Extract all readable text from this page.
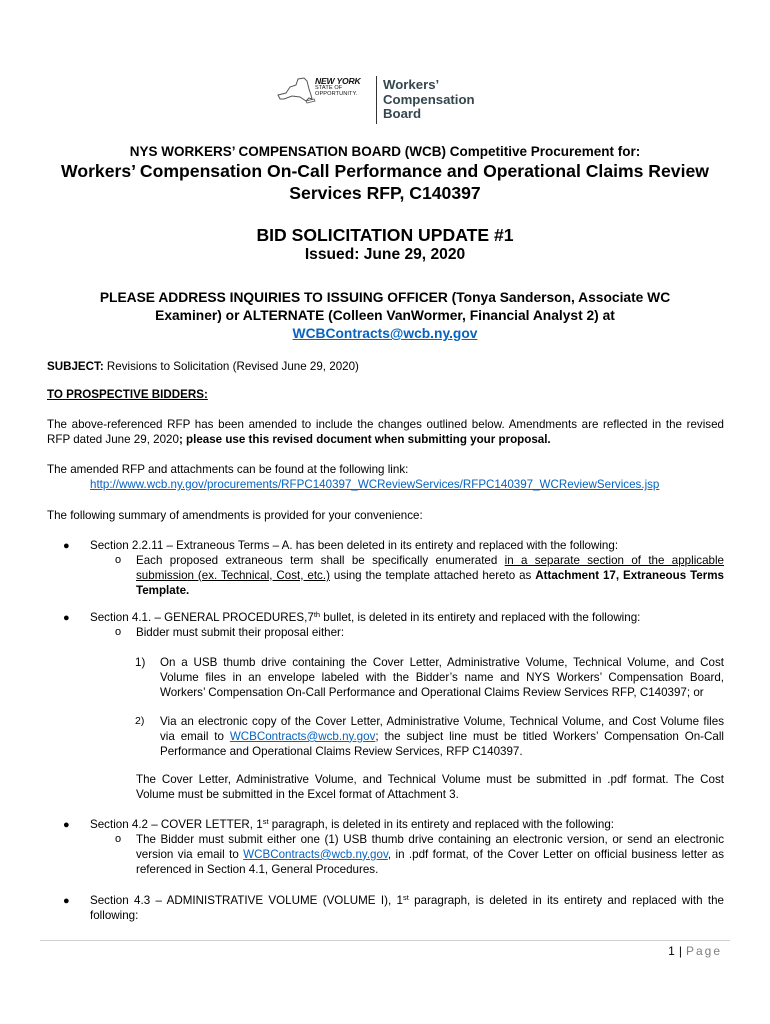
NEW YORK
STATE OF
OPPORTUNITY.
Workers’
Compensation
Board
NYS WORKERS’ COMPENSATION BOARD (WCB) Competitive Procurement for:
Workers’ Compensation On-Call Performance and Operational Claims Review
Services RFP, C140397
BID SOLICITATION UPDATE #1
Issued: June 29, 2020
PLEASE ADDRESS INQUIRIES TO ISSUING OFFICER (Tonya Sanderson, Associate WC
Examiner) or ALTERNATE (Colleen VanWormer, Financial Analyst 2) at
WCBContracts@wcb.ny.gov
SUBJECT: Revisions to Solicitation (Revised June 29, 2020)
TO PROSPECTIVE BIDDERS:
The above-referenced RFP has been amended to include the changes outlined below. Amendments are reflected in the revised RFP dated June 29, 2020; please use this revised document when submitting your proposal.
The amended RFP and attachments can be found at the following link:
http://www.wcb.ny.gov/procurements/RFPC140397_WCReviewServices/RFPC140397_WCReviewServices.jsp
The following summary of amendments is provided for your convenience:
● Section 2.2.11 – Extraneous Terms – A. has been deleted in its entirety and replaced with the following:
o Each proposed extraneous term shall be specifically enumerated in a separate section of the applicable submission (ex. Technical, Cost, etc.) using the template attached hereto as Attachment 17, Extraneous Terms Template.
● Section 4.1. – GENERAL PROCEDURES,7th bullet, is deleted in its entirety and replaced with the following:
o Bidder must submit their proposal either:
1) On a USB thumb drive containing the Cover Letter, Administrative Volume, Technical Volume, and Cost Volume files in an envelope labeled with the Bidder’s name and NYS Workers’ Compensation Board, Workers’ Compensation On-Call Performance and Operational Claims Review Services RFP, C140397; or
2) Via an electronic copy of the Cover Letter, Administrative Volume, Technical Volume, and Cost Volume files via email to WCBContracts@wcb.ny.gov; the subject line must be titled Workers’ Compensation On-Call Performance and Operational Claims Review Services, RFP C140397.
The Cover Letter, Administrative Volume, and Technical Volume must be submitted in .pdf format. The Cost Volume must be submitted in the Excel format of Attachment 3.
● Section 4.2 – COVER LETTER, 1st paragraph, is deleted in its entirety and replaced with the following:
o The Bidder must submit either one (1) USB thumb drive containing an electronic version, or send an electronic version via email to WCBContracts@wcb.ny.gov, in .pdf format, of the Cover Letter on official business letter as referenced in Section 4.1, General Procedures.
● Section 4.3 – ADMINISTRATIVE VOLUME (VOLUME I), 1st paragraph, is deleted in its entirety and replaced with the following:
1 | Page
